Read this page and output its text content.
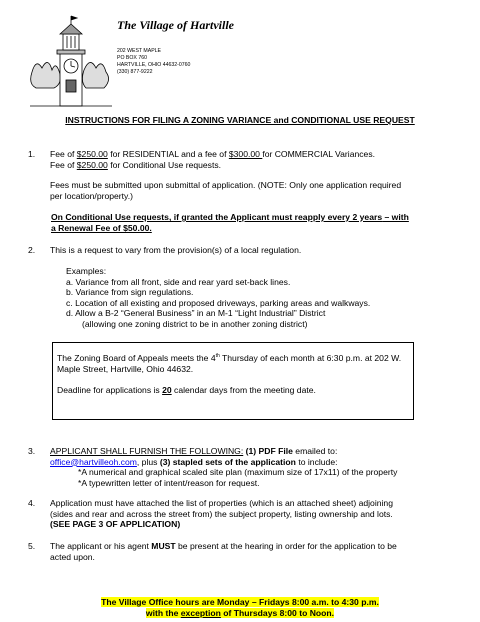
The Village of Hartville
202 WEST MAPLE
PO BOX 760
HARTVILLE, OHIO 44632-0760
(330) 877-9222
INSTRUCTIONS FOR FILING A ZONING VARIANCE and CONDITIONAL USE REQUEST
1. Fee of $250.00 for RESIDENTIAL and a fee of $300.00 for COMMERCIAL Variances.
Fee of $250.00 for Conditional Use requests.
Fees must be submitted upon submittal of application. (NOTE: Only one application required
per location/property.)
On Conditional Use requests, if granted the Applicant must reapply every 2 years – with
a Renewal Fee of $50.00.
2. This is a request to vary from the provision(s) of a local regulation.
Examples:
a. Variance from all front, side and rear yard set-back lines.
b. Variance from sign regulations.
c. Location of all existing and proposed driveways, parking areas and walkways.
d. Allow a B-2 “General Business” in an M-1 “Light Industrial” District
(allowing one zoning district to be in another zoning district)
The Zoning Board of Appeals meets the 4th Thursday of each month at 6:30 p.m. at 202 W.
Maple Street, Hartville, Ohio 44632.
Deadline for applications is 20 calendar days from the meeting date.
3. APPLICANT SHALL FURNISH THE FOLLOWING: (1) PDF File emailed to:
office@hartvilleoh.com, plus (3) stapled sets of the application to include:
*A numerical and graphical scaled site plan (maximum size of 17x11) of the property
*A typewritten letter of intent/reason for request.
4. Application must have attached the list of properties (which is an attached sheet) adjoining
(sides and rear and across the street from) the subject property, listing ownership and lots.
(SEE PAGE 3 OF APPLICATION)
5. The applicant or his agent MUST be present at the hearing in order for the application to be
acted upon.
The Village Office hours are Monday – Fridays 8:00 a.m. to 4:30 p.m.
with the exception of Thursdays 8:00 to Noon.
